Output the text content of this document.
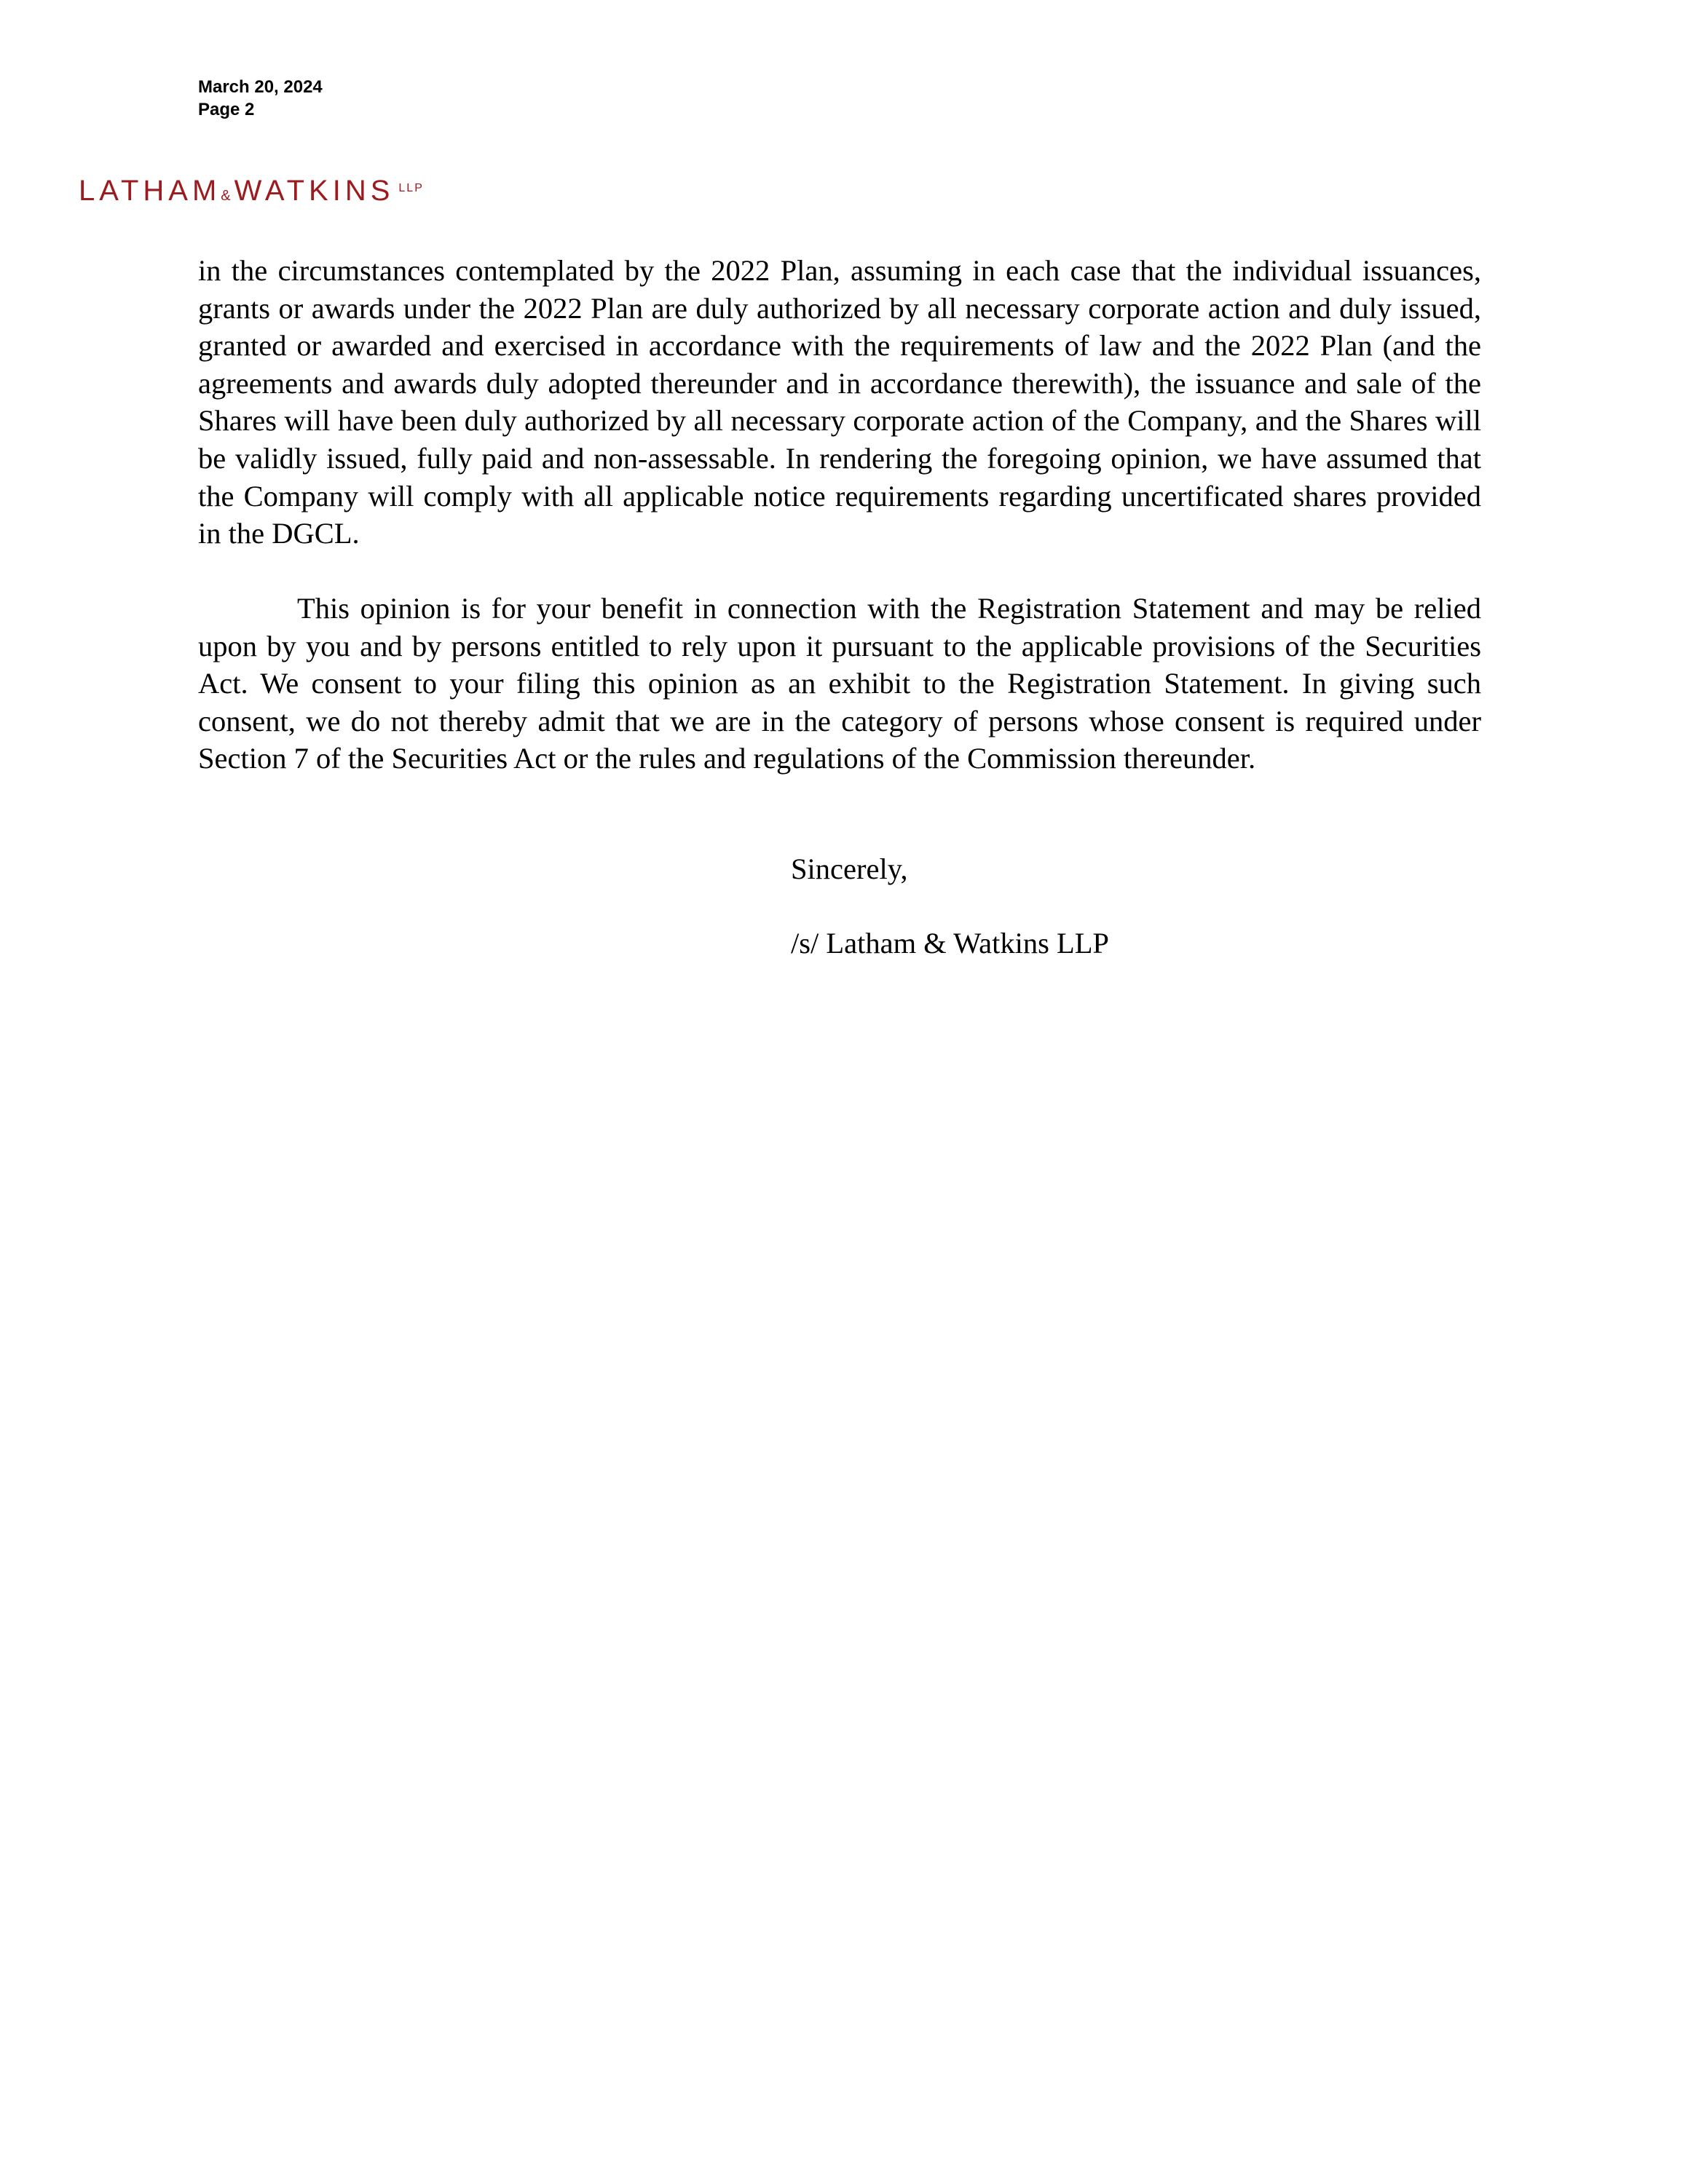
March 20, 2024
Page 2
LATHAM & WATKINS LLP

in the circumstances contemplated by the 2022 Plan, assuming in each case that the individual issuances, grants or awards under the 2022 Plan are duly authorized by all necessary corporate action and duly issued, granted or awarded and exercised in accordance with the requirements of law and the 2022 Plan (and the agreements and awards duly adopted thereunder and in accordance therewith), the issuance and sale of the Shares will have been duly authorized by all necessary corporate action of the Company, and the Shares will be validly issued, fully paid and non-assessable. In rendering the foregoing opinion, we have assumed that the Company will comply with all applicable notice requirements regarding uncertificated shares provided in the DGCL.

This opinion is for your benefit in connection with the Registration Statement and may be relied upon by you and by persons entitled to rely upon it pursuant to the applicable provisions of the Securities Act. We consent to your filing this opinion as an exhibit to the Registration Statement. In giving such consent, we do not thereby admit that we are in the category of persons whose consent is required under Section 7 of the Securities Act or the rules and regulations of the Commission thereunder.

Sincerely,
/s/ Latham & Watkins LLP
